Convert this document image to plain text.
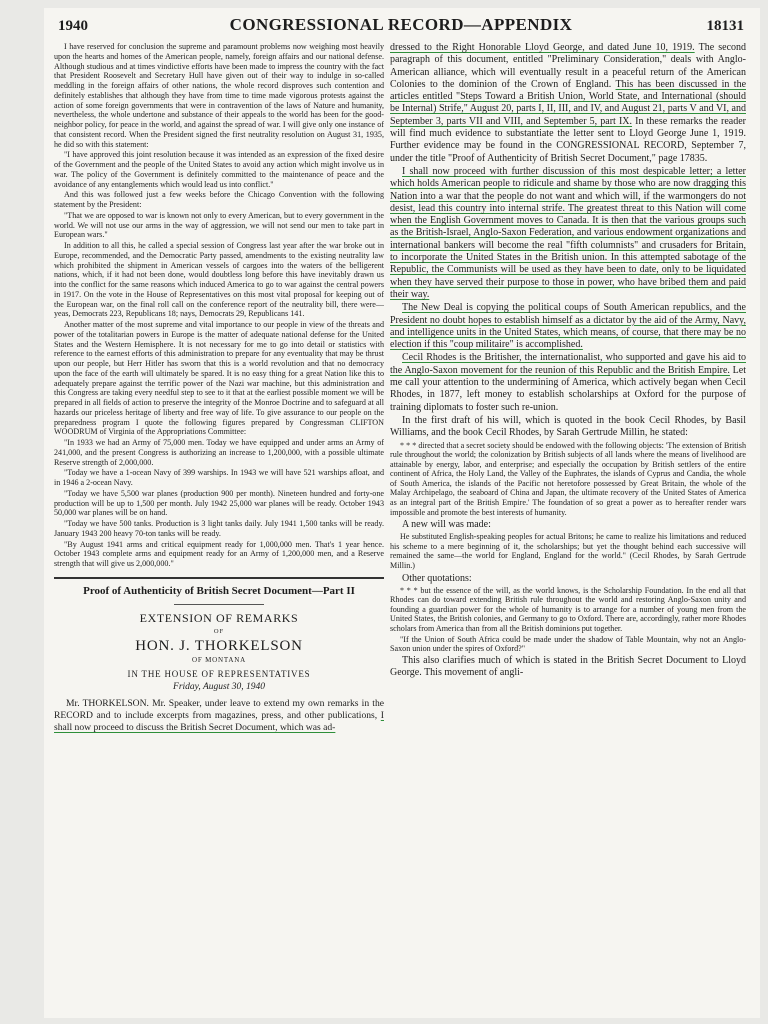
1940	CONGRESSIONAL RECORD—APPENDIX	18131

I have reserved for conclusion the supreme and paramount problems now weighing most heavily upon the hearts and homes of the American people, namely, foreign affairs and our national defense. Although studious and at times vindictive efforts have been made to impress the country with the fact that President Roosevelt and Secretary Hull have given out of their way to indulge in so-called meddling in the foreign affairs of other nations, the whole record disproves such contention and definitely establishes that although they have from time to time made vigorous protests against the action of some foreign governments that were in contravention of the laws of Nature and humanity, nevertheless, the whole undertone and substance of their appeals to the world has been for the good-neighbor policy, for peace in the world, and against the spread of war. I will give only one instance of that consistent record. When the President signed the first neutrality resolution on August 31, 1935, he did so with this statement:

"I have approved this joint resolution because it was intended as an expression of the fixed desire of the Government and the people of the United States to avoid any action which might involve us in war. The policy of the Government is definitely committed to the maintenance of peace and the avoidance of any entanglements which would lead us into conflict."

And this was followed just a few weeks before the Chicago Convention with the following statement by the President:

"That we are opposed to war is known not only to every American, but to every government in the world. We will not use our arms in the way of aggression, we will not send our men to take part in European wars."

In addition to all this, he called a special session of Congress last year after the war broke out in Europe, recommended, and the Democratic Party passed, amendments to the existing neutrality law which prohibited the shipment in American vessels of cargoes into the waters of the belligerent nations, which, if it had not been done, would doubtless long before this have inevitably drawn us into the conflict for the same reasons which induced America to go to war against the central powers in 1917. On the vote in the House of Representatives on this most vital proposal for keeping out of the European war, on the final roll call on the conference report of the neutrality bill, there were—yeas, Democrats 223, Republicans 18; nays, Democrats 29, Republicans 141.

Another matter of the most supreme and vital importance to our people in view of the threats and power of the totalitarian powers in Europe is the matter of adequate national defense for the United States and the Western Hemisphere. It is not necessary for me to go into detail or statistics with reference to the earnest efforts of this administration to prepare for any eventuality that may be thrust upon our people, but Herr Hitler has sworn that this is a world revolution and that no democracy upon the face of the earth will ultimately be spared. It is no easy thing for a great Nation like this to adequately prepare against the terrific power of the Nazi war machine, but this administration and this Congress are taking every needful step to see to it that at the earliest possible moment we will be prepared in all fields of action to preserve the integrity of the Monroe Doctrine and to safeguard at all hazards our priceless heritage of liberty and free way of life. To give assurance to our people on the preparedness program I quote the following figures prepared by Congressman CLIFTON WOODRUM of Virginia of the Appropriations Committee:

"In 1933 we had an Army of 75,000 men. Today we have equipped and under arms an Army of 241,000, and the present Congress is authorizing an increase to 1,200,000, with a possible ultimate Reserve strength of 2,000,000.

"Today we have a 1-ocean Navy of 399 warships. In 1943 we will have 521 warships afloat, and in 1946 a 2-ocean Navy.

"Today we have 5,500 war planes (production 900 per month). Nineteen hundred and forty-one production will be up to 1,500 per month. July 1942 25,000 war planes will be ready. October 1943 50,000 war planes will be on hand.

"Today we have 500 tanks. Production is 3 light tanks daily. July 1941 1,500 tanks will be ready. January 1943 200 heavy 70-ton tanks will be ready.

"By August 1941 arms and critical equipment ready for 1,000,000 men. That's 1 year hence. October 1943 complete arms and equipment ready for an Army of 1,200,000 men, and a Reserve strength that will give us 2,000,000."

Proof of Authenticity of British Secret Document—Part II
EXTENSION OF REMARKS
OF
HON. J. THORKELSON
OF MONTANA
IN THE HOUSE OF REPRESENTATIVES
Friday, August 30, 1940

Mr. THORKELSON. Mr. Speaker, under leave to extend my own remarks in the RECORD and to include excerpts from magazines, press, and other publications, I shall now proceed to discuss the British Secret Document, which was ad-

dressed to the Right Honorable Lloyd George, and dated June 10, 1919. The second paragraph of this document, entitled "Preliminary Consideration," deals with Anglo-American alliance, which will eventually result in a peaceful return of the American Colonies to the dominion of the Crown of England. This has been discussed in the articles entitled "Steps Toward a British Union, World State, and International (should be Internal) Strife," August 20, parts I, II, III, and IV, and August 21, parts V and VI, and September 3, parts VII and VIII, and September 5, part IX. In these remarks the reader will find much evidence to substantiate the letter sent to Lloyd George June 1, 1919. Further evidence may be found in the CONGRESSIONAL RECORD, September 7, under the title "Proof of Authenticity of British Secret Document," page 17835.

I shall now proceed with further discussion of this most despicable letter; a letter which holds American people to ridicule and shame by those who are now dragging this Nation into a war that the people do not want and which will, if the warmongers do not desist, lead this country into internal strife. The greatest threat to this Nation will come when the English Government moves to Canada. It is then that the various groups such as the British-Israel, Anglo-Saxon Federation, and various endowment organizations and international bankers will become the real "fifth columnists" and crusaders for Britain, to incorporate the United States in the British union. In this attempted sabotage of the Republic, the Communists will be used as they have been to date, only to be liquidated when they have served their purpose to those in power, who have bribed them and paid their way.

The New Deal is copying the political coups of South American republics, and the President no doubt hopes to establish himself as a dictator by the aid of the Army, Navy, and intelligence units in the United States, which means, of course, that there may be no election if this "coup militaire" is accomplished.

Cecil Rhodes is the Britisher, the internationalist, who supported and gave his aid to the Anglo-Saxon movement for the reunion of this Republic and the British Empire. Let me call your attention to the undermining of America, which actively began when Cecil Rhodes, in 1877, left money to establish scholarships at Oxford for the purpose of training diplomats to foster such re-union.

In the first draft of his will, which is quoted in the book Cecil Rhodes, by Basil Williams, and the book Cecil Rhodes, by Sarah Gertrude Millin, he stated:

* * * directed that a secret society should be endowed with the following objects: 'The extension of British rule throughout the world; the colonization by British subjects of all lands where the means of livelihood are attainable by energy, labor, and enterprise; and especially the occupation by British settlers of the entire continent of Africa, the Holy Land, the Valley of the Euphrates, the islands of Cyprus and Candia, the whole of South America, the islands of the Pacific not heretofore possessed by Great Britain, the whole of the Malay Archipelago, the seaboard of China and Japan, the ultimate recovery of the United States of America as an integral part of the British Empire.' The foundation of so great a power as to hereafter render wars impossible and promote the best interests of humanity.

A new will was made:

He substituted English-speaking peoples for actual Britons; he came to realize his limitations and reduced his scheme to a mere beginning of it, the scholarships; but yet the thought behind each successive will remained the same—the world for England, England for the world." (Cecil Rhodes, by Sarah Gertrude Millin.)

Other quotations:

* * * but the essence of the will, as the world knows, is the Scholarship Foundation. In the end all that Rhodes can do toward extending British rule throughout the world and restoring Anglo-Saxon unity and founding a guardian power for the whole of humanity is to arrange for a number of young men from the United States, the British colonies, and Germany to go to Oxford. There are, accordingly, rather more Rhodes scholars from America than from all the British dominions put together.

"If the Union of South Africa could be made under the shadow of Table Mountain, why not an Anglo-Saxon union under the spires of Oxford?"

This also clarifies much of which is stated in the British Secret Document to Lloyd George. This movement of angli-
